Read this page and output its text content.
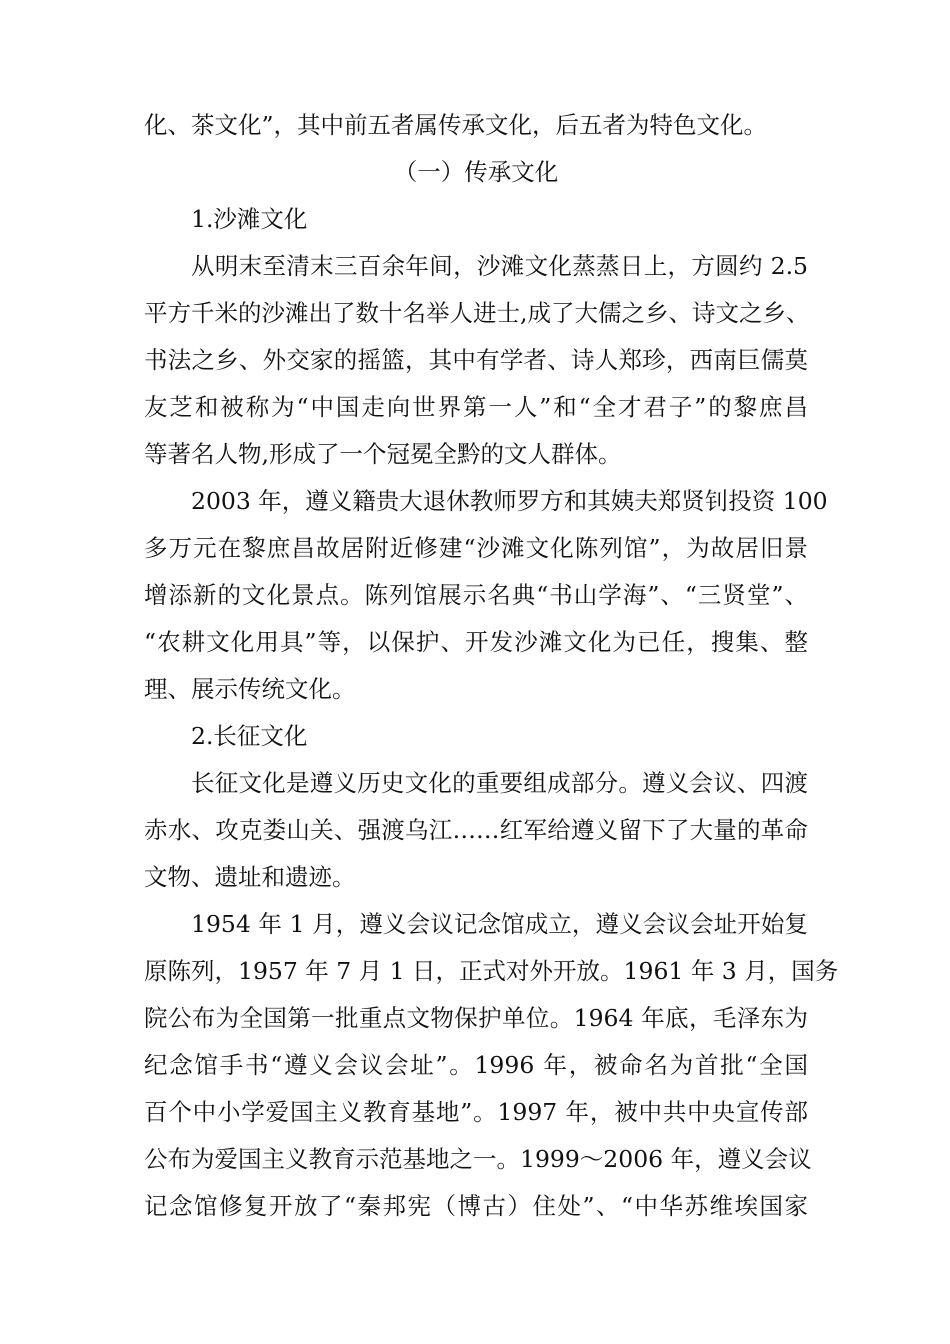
化、茶文化”，其中前五者属传承文化，后五者为特色文化。
（一）传承文化
1.沙滩文化
从明末至清末三百余年间，沙滩文化蒸蒸日上，方圆约 2.5
平方千米的沙滩出了数十名举人进士,成了大儒之乡、诗文之乡、
书法之乡、外交家的摇篮，其中有学者、诗人郑珍，西南巨儒莫
友芝和被称为“中国走向世界第一人”和“全才君子”的黎庶昌
等著名人物,形成了一个冠冕全黔的文人群体。
2003 年，遵义籍贵大退休教师罗方和其姨夫郑贤钊投资 100
多万元在黎庶昌故居附近修建“沙滩文化陈列馆”，为故居旧景
增添新的文化景点。陈列馆展示名典“书山学海”、“三贤堂”、
“农耕文化用具”等，以保护、开发沙滩文化为已任，搜集、整
理、展示传统文化。
2.长征文化
长征文化是遵义历史文化的重要组成部分。遵义会议、四渡
赤水、攻克娄山关、强渡乌江……红军给遵义留下了大量的革命
文物、遗址和遗迹。
1954 年 1 月，遵义会议记念馆成立，遵义会议会址开始复
原陈列，1957 年 7 月 1 日，正式对外开放。1961 年 3 月，国务
院公布为全国第一批重点文物保护单位。1964 年底，毛泽东为
纪念馆手书“遵义会议会址”。1996 年，被命名为首批“全国
百个中小学爱国主义教育基地”。1997 年，被中共中央宣传部
公布为爱国主义教育示范基地之一。1999～2006 年，遵义会议
记念馆修复开放了“秦邦宪（博古）住处”、“中华苏维埃国家
